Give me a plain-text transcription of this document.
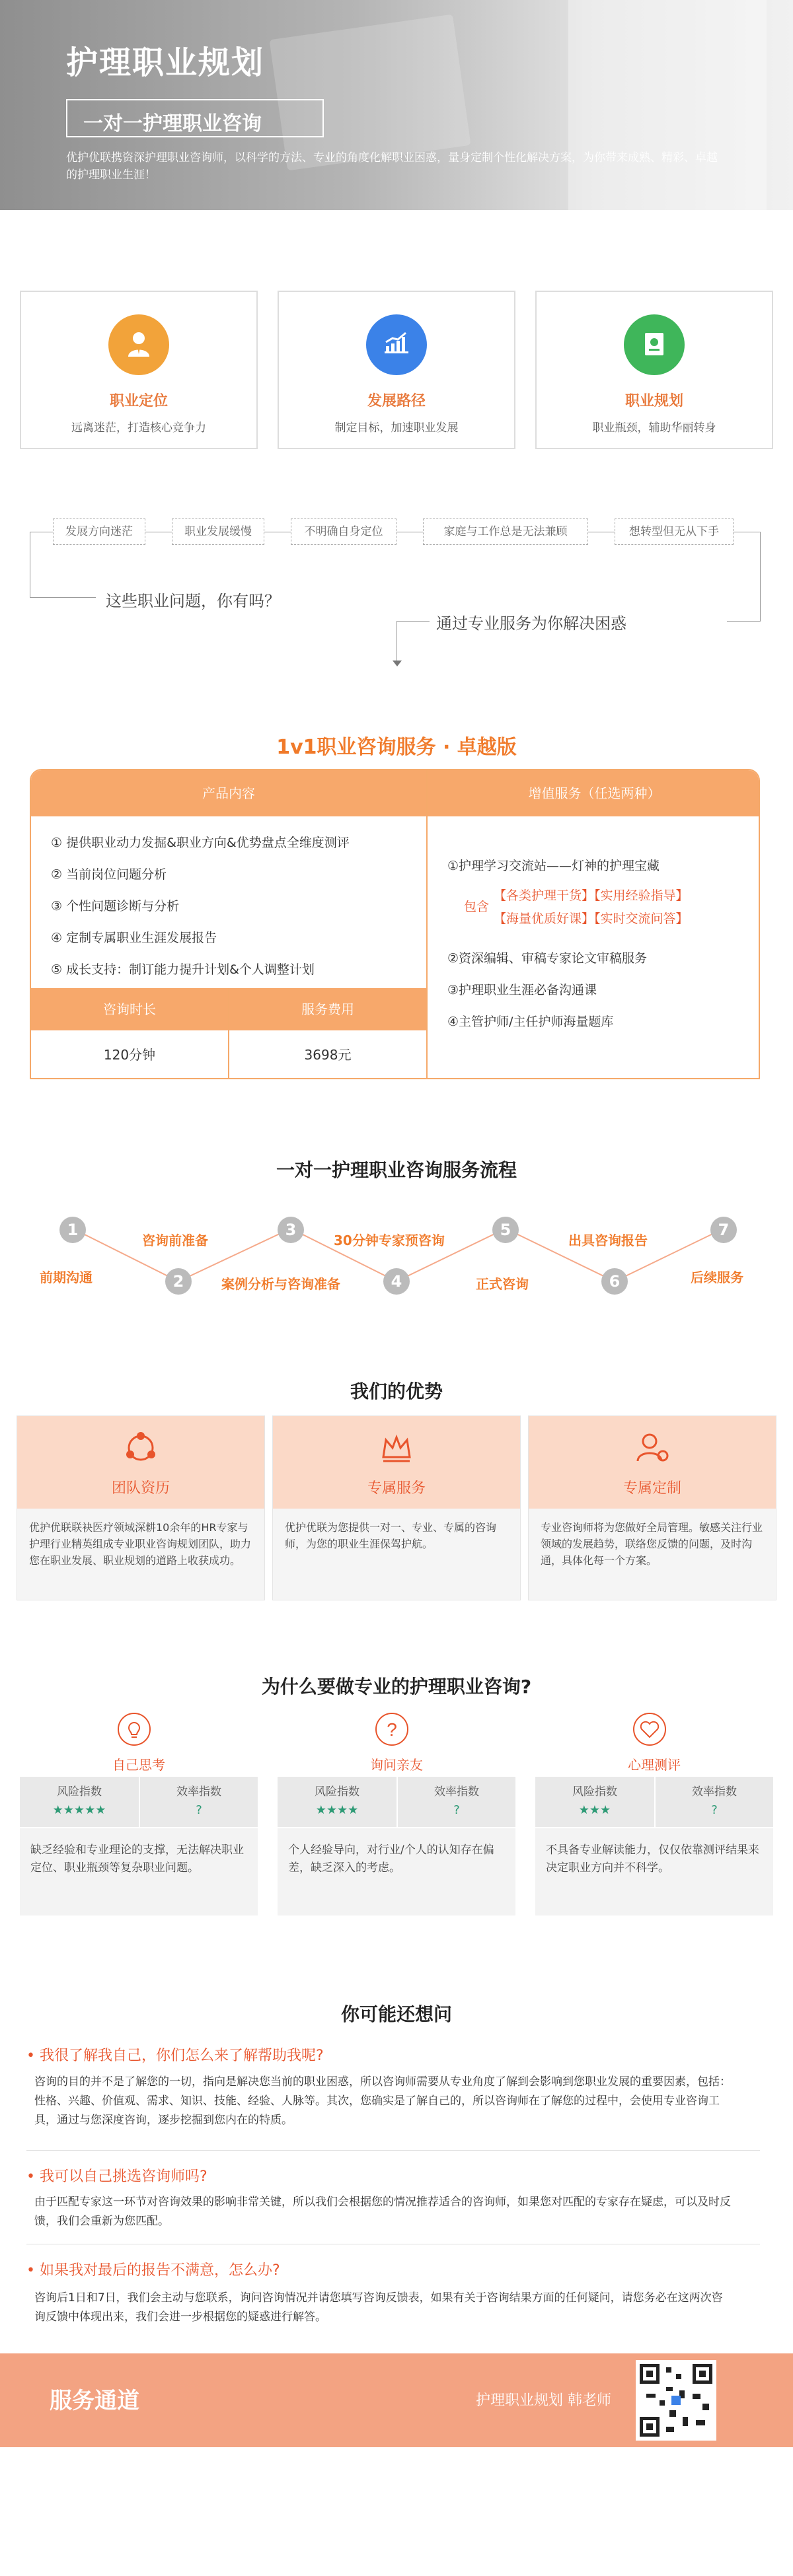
护理职业规划
一对一护理职业咨询
优护优联携资深护理职业咨询师，以科学的方法、专业的角度化解职业困惑，量身定制个性化解决方案，为你带来成熟、精彩、卓越的护理职业生涯！
职业定位
远离迷茫，打造核心竞争力
发展路径
制定目标，加速职业发展
职业规划
职业瓶颈，辅助华丽转身
发展方向迷茫	职业发展缓慢	不明确自身定位	家庭与工作总是无法兼顾	想转型但无从下手
这些职业问题，你有吗？
通过专业服务为你解决困惑
1v1职业咨询服务 · 卓越版
产品内容	增值服务（任选两种）
① 提供职业动力发掘&职业方向&优势盘点全维度测评
② 当前岗位问题分析
③ 个性问题诊断与分析
④ 定制专属职业生涯发展报告
⑤ 成长支持：制订能力提升计划&个人调整计划
①护理学习交流站——灯神的护理宝藏
包含
【各类护理干货】【实用经验指导】
【海量优质好课】【实时交流问答】
②资深编辑、审稿专家论文审稿服务
③护理职业生涯必备沟通课
④主管护师/主任护师海量题库
咨询时长	服务费用
120分钟	3698元
一对一护理职业咨询服务流程
1
2
3
4
5
6
7
前期沟通
咨询前准备
案例分析与咨询准备
30分钟专家预咨询
正式咨询
出具咨询报告
后续服务
我们的优势
团队资历
优护优联联袂医疗领域深耕10余年的HR专家与护理行业精英组成专业职业咨询规划团队，助力您在职业发展、职业规划的道路上收获成功。
专属服务
优护优联为您提供一对一、专业、专属的咨询师，为您的职业生涯保驾护航。
专属定制
专业咨询师将为您做好全局管理。敏感关注行业领域的发展趋势，联络您反馈的问题，及时沟通，具体化每一个方案。
为什么要做专业的护理职业咨询?
自己思考
风险指数	效率指数
★★★★★	?
缺乏经验和专业理论的支撑，无法解决职业定位、职业瓶颈等复杂职业问题。
?
询问亲友
风险指数	效率指数
★★★★	?
个人经验导向，对行业/个人的认知存在偏差，缺乏深入的考虑。
心理测评
风险指数	效率指数
★★★	?
不具备专业解读能力，仅仅依靠测评结果来决定职业方向并不科学。
你可能还想问
• 我很了解我自己，你们怎么来了解帮助我呢?
咨询的目的并不是了解您的一切，指向是解决您当前的职业困惑，所以咨询师需要从专业角度了解到会影响到您职业发展的重要因素，包括：性格、兴趣、价值观、需求、知识、技能、经验、人脉等。其次，您确实是了解自己的，所以咨询师在了解您的过程中，会使用专业咨询工具，通过与您深度咨询，逐步挖掘到您内在的特质。
• 我可以自己挑选咨询师吗?
由于匹配专家这一环节对咨询效果的影响非常关键，所以我们会根据您的情况推荐适合的咨询师，如果您对匹配的专家存在疑虑，可以及时反馈，我们会重新为您匹配。
• 如果我对最后的报告不满意，怎么办?
咨询后1日和7日，我们会主动与您联系，询问咨询情况并请您填写咨询反馈表，如果有关于咨询结果方面的任何疑问，请您务必在这两次咨询反馈中体现出来，我们会进一步根据您的疑惑进行解答。
服务通道	护理职业规划 韩老师
